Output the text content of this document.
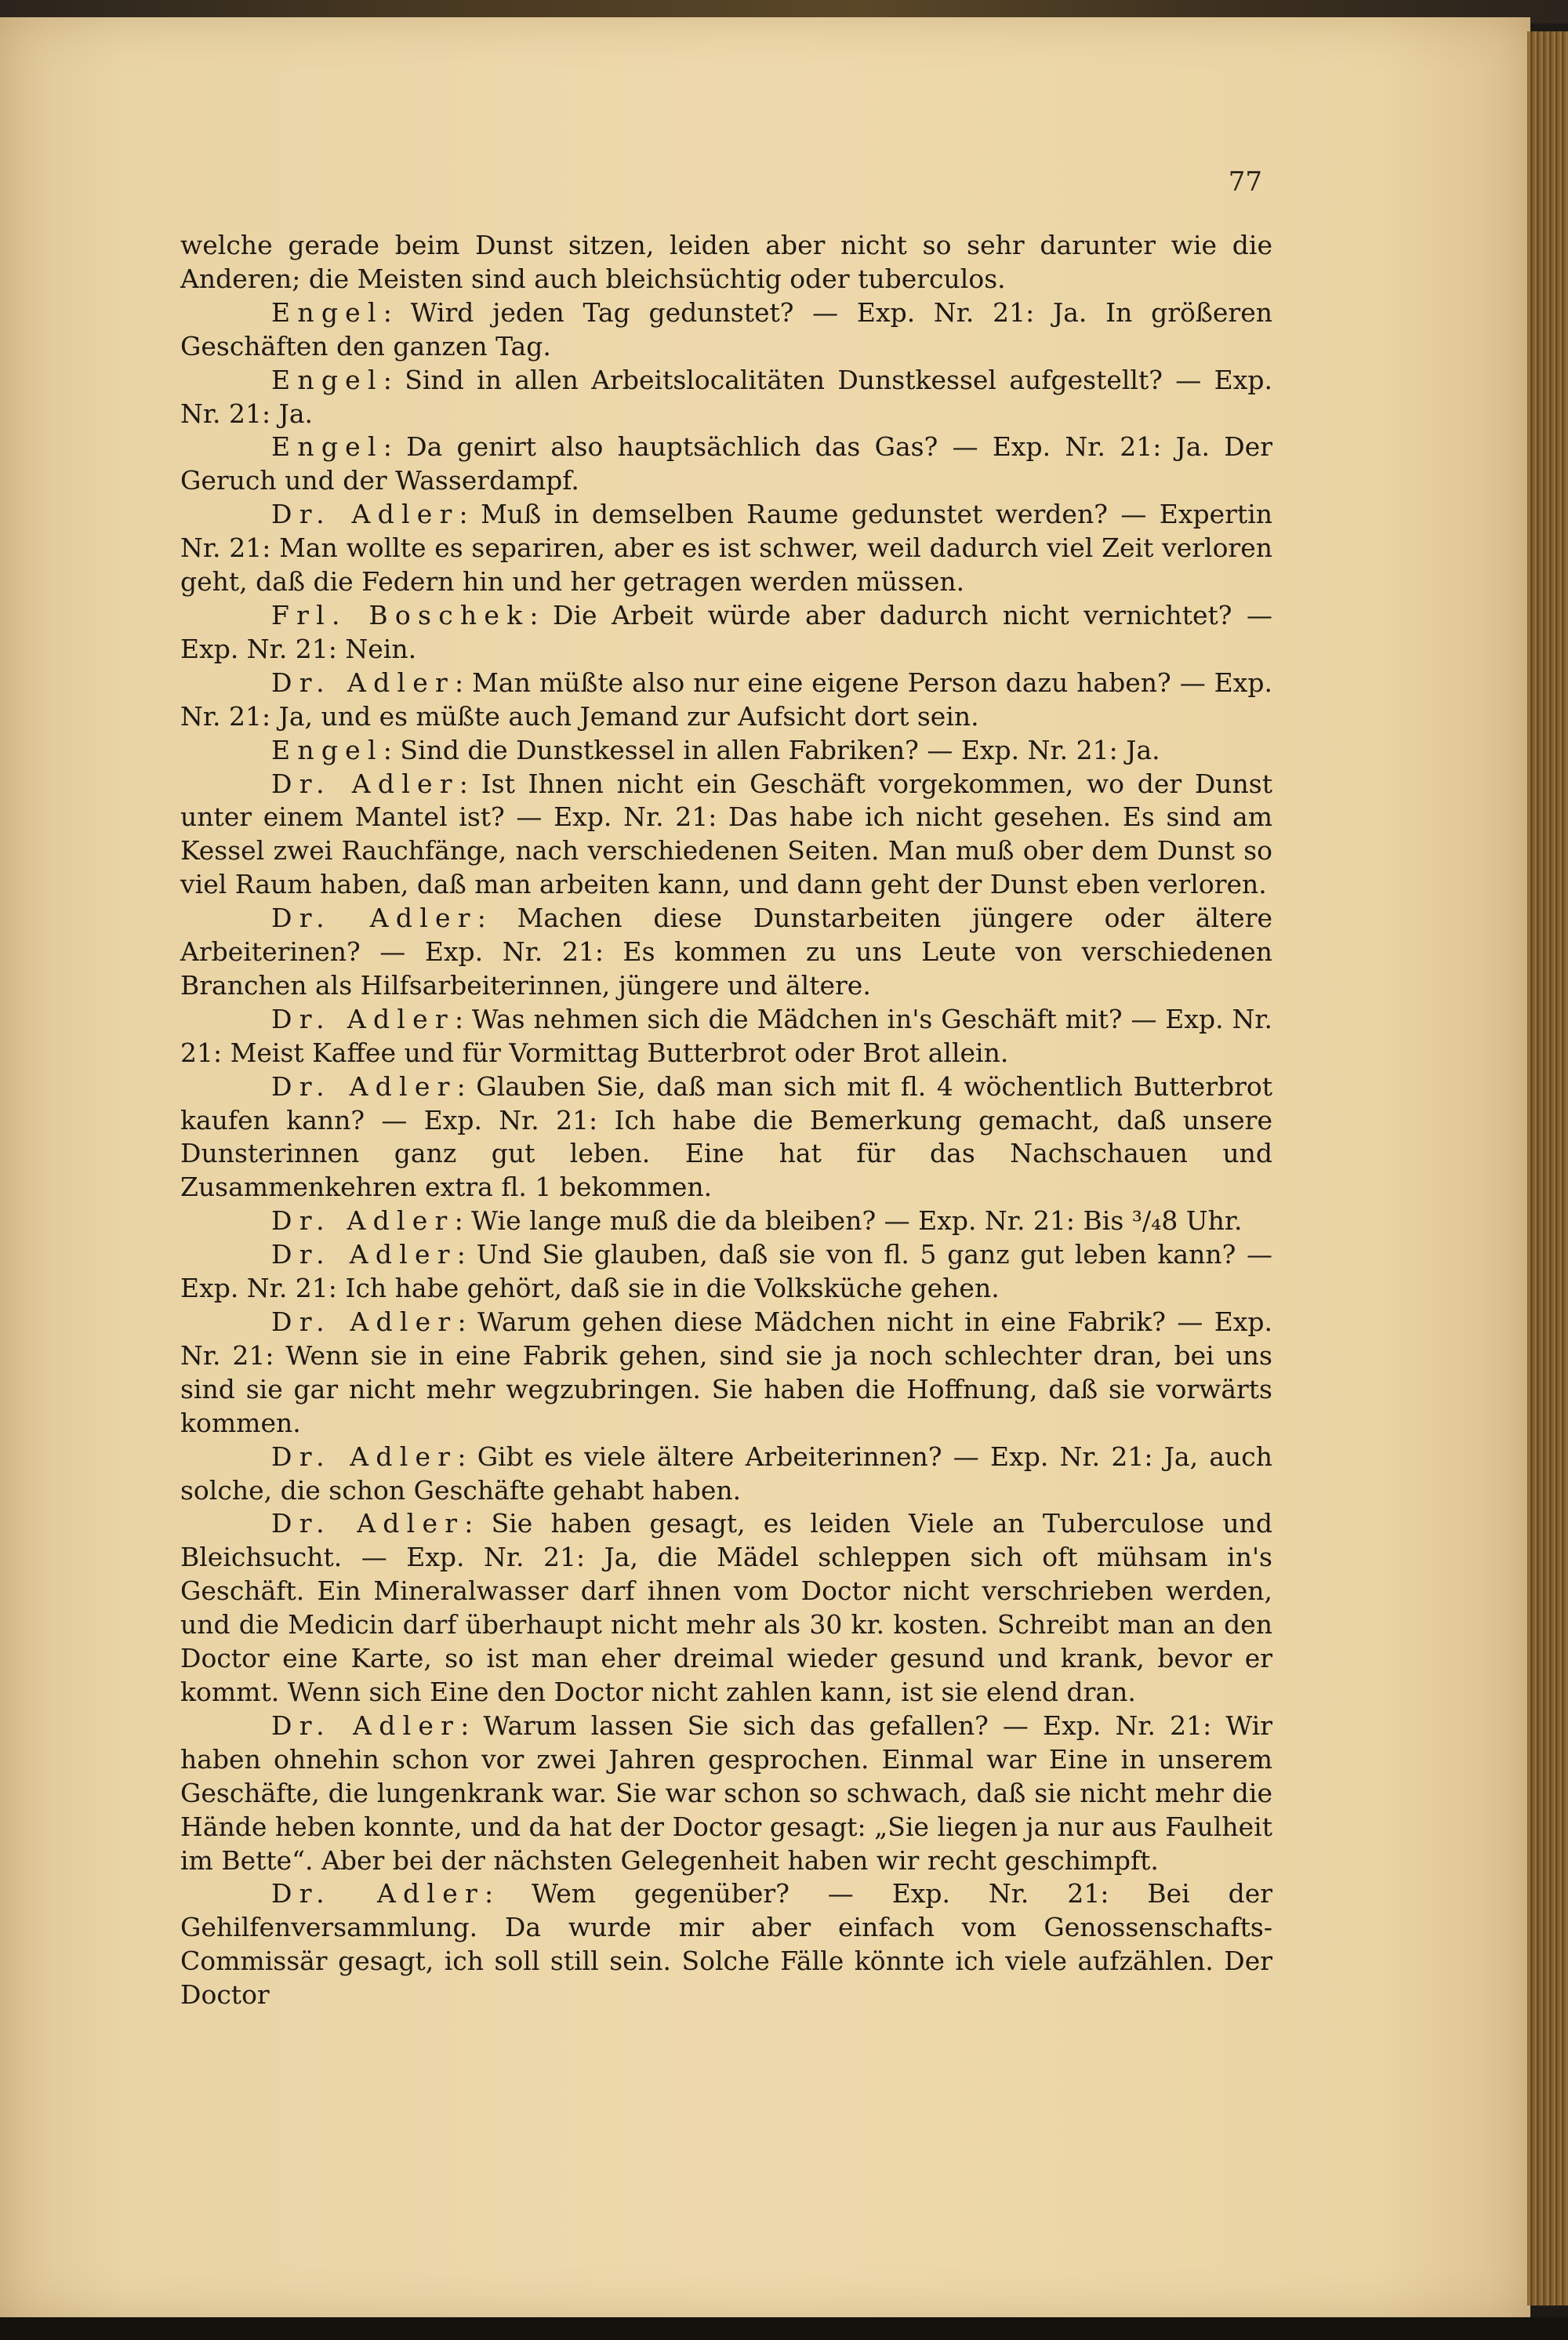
77

welche gerade beim Dunst sitzen, leiden aber nicht so sehr darunter wie die Anderen; die Meisten sind auch bleichsüchtig oder tuberculos.

Engel: Wird jeden Tag gedunstet? — Exp. Nr. 21: Ja. In größeren Geschäften den ganzen Tag.

Engel: Sind in allen Arbeitslocalitäten Dunstkessel aufgestellt? — Exp. Nr. 21: Ja.

Engel: Da genirt also hauptsächlich das Gas? — Exp. Nr. 21: Ja. Der Geruch und der Wasserdampf.

Dr. Adler: Muß in demselben Raume gedunstet werden? — Expertin Nr. 21: Man wollte es separiren, aber es ist schwer, weil dadurch viel Zeit verloren geht, daß die Federn hin und her getragen werden müssen.

Frl. Boschek: Die Arbeit würde aber dadurch nicht vernichtet? — Exp. Nr. 21: Nein.

Dr. Adler: Man müßte also nur eine eigene Person dazu haben? — Exp. Nr. 21: Ja, und es müßte auch Jemand zur Aufsicht dort sein.

Engel: Sind die Dunstkessel in allen Fabriken? — Exp. Nr. 21: Ja.

Dr. Adler: Ist Ihnen nicht ein Geschäft vorgekommen, wo der Dunst unter einem Mantel ist? — Exp. Nr. 21: Das habe ich nicht gesehen. Es sind am Kessel zwei Rauchfänge, nach verschiedenen Seiten. Man muß ober dem Dunst so viel Raum haben, daß man arbeiten kann, und dann geht der Dunst eben verloren.

Dr. Adler: Machen diese Dunstarbeiten jüngere oder ältere Arbeiterinen? — Exp. Nr. 21: Es kommen zu uns Leute von verschiedenen Branchen als Hilfsarbeiterinnen, jüngere und ältere.

Dr. Adler: Was nehmen sich die Mädchen in's Geschäft mit? — Exp. Nr. 21: Meist Kaffee und für Vormittag Butterbrot oder Brot allein.

Dr. Adler: Glauben Sie, daß man sich mit fl. 4 wöchentlich Butterbrot kaufen kann? — Exp. Nr. 21: Ich habe die Bemerkung gemacht, daß unsere Dunsterinnen ganz gut leben. Eine hat für das Nachschauen und Zusammenkehren extra fl. 1 bekommen.

Dr. Adler: Wie lange muß die da bleiben? — Exp. Nr. 21: Bis ³/₄8 Uhr.

Dr. Adler: Und Sie glauben, daß sie von fl. 5 ganz gut leben kann? — Exp. Nr. 21: Ich habe gehört, daß sie in die Volksküche gehen.

Dr. Adler: Warum gehen diese Mädchen nicht in eine Fabrik? — Exp. Nr. 21: Wenn sie in eine Fabrik gehen, sind sie ja noch schlechter dran, bei uns sind sie gar nicht mehr wegzubringen. Sie haben die Hoffnung, daß sie vorwärts kommen.

Dr. Adler: Gibt es viele ältere Arbeiterinnen? — Exp. Nr. 21: Ja, auch solche, die schon Geschäfte gehabt haben.

Dr. Adler: Sie haben gesagt, es leiden Viele an Tuberculose und Bleichsucht. — Exp. Nr. 21: Ja, die Mädel schleppen sich oft mühsam in's Geschäft. Ein Mineralwasser darf ihnen vom Doctor nicht verschrieben werden, und die Medicin darf überhaupt nicht mehr als 30 kr. kosten. Schreibt man an den Doctor eine Karte, so ist man eher dreimal wieder gesund und krank, bevor er kommt. Wenn sich Eine den Doctor nicht zahlen kann, ist sie elend dran.

Dr. Adler: Warum lassen Sie sich das gefallen? — Exp. Nr. 21: Wir haben ohnehin schon vor zwei Jahren gesprochen. Einmal war Eine in unserem Geschäfte, die lungenkrank war. Sie war schon so schwach, daß sie nicht mehr die Hände heben konnte, und da hat der Doctor gesagt: „Sie liegen ja nur aus Faulheit im Bette“. Aber bei der nächsten Gelegenheit haben wir recht geschimpft.

Dr. Adler: Wem gegenüber? — Exp. Nr. 21: Bei der Gehilfenversammlung. Da wurde mir aber einfach vom Genossenschafts-Commissär gesagt, ich soll still sein. Solche Fälle könnte ich viele aufzählen. Der Doctor
